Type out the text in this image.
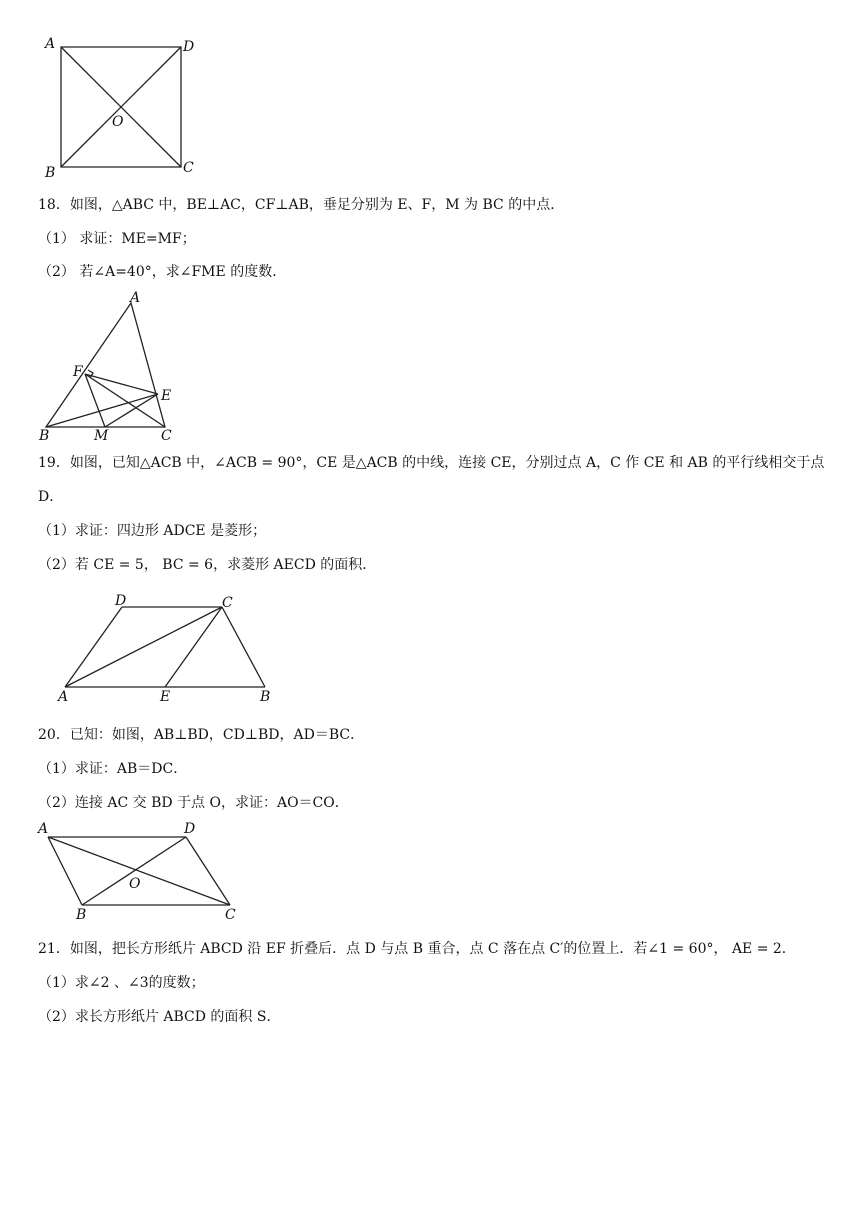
A	D
O
B	C
18．如图，△ABC 中，BE⊥AC，CF⊥AB，垂足分别为 E、F，M 为 BC 的中点．
（1） 求证：ME=MF；
（2） 若∠A=40°，求∠FME 的度数．
A
F
E
B	M	C
19．如图，已知△ACB 中，∠ACB = 90°，CE 是△ACB 的中线，连接 CE，分别过点 A，C 作 CE 和 AB 的平行线相交于点
D．
（1）求证：四边形 ADCE 是菱形；
（2）若 CE = 5， BC = 6，求菱形 AECD 的面积．
D	C
A	E	B
20．已知：如图，AB⊥BD，CD⊥BD，AD＝BC．
（1）求证：AB＝DC．
（2）连接 AC 交 BD 于点 O，求证：AO＝CO．
A	D
O
B	C
21．如图，把长方形纸片 ABCD 沿 EF 折叠后．点 D 与点 B 重合，点 C 落在点 C′的位置上．若∠1 = 60°， AE = 2．
（1）求∠2 、∠3的度数；
（2）求长方形纸片 ABCD 的面积 S．
